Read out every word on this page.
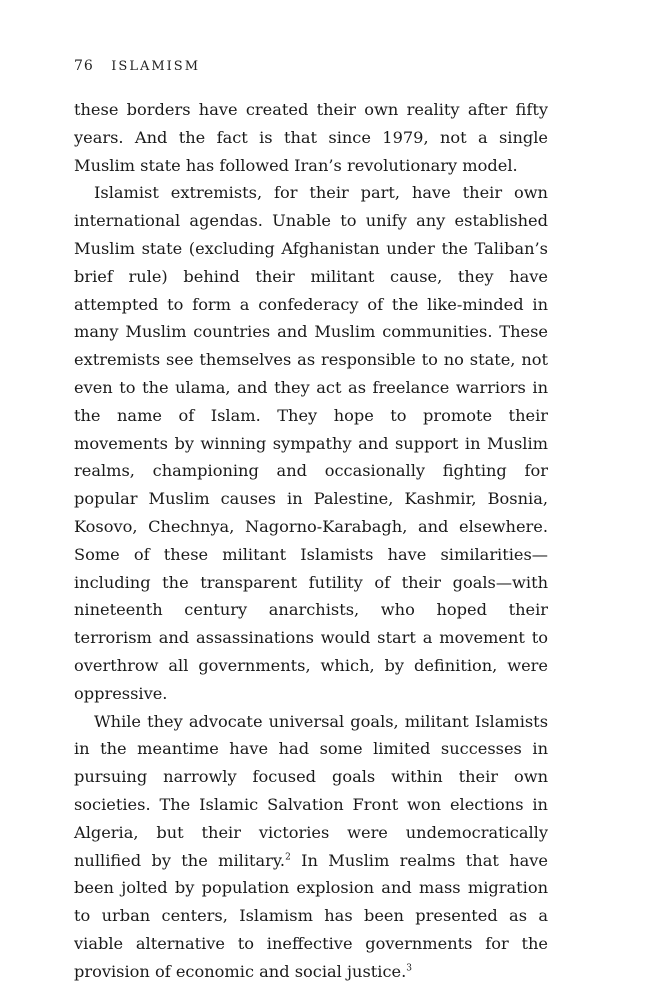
76 ISLAMISM

these borders have created their own reality after fifty years. And the fact is that since 1979, not a single Muslim state has followed Iran’s revolutionary model.

Islamist extremists, for their part, have their own international agendas. Unable to unify any established Muslim state (excluding Afghanistan under the Taliban’s brief rule) behind their militant cause, they have attempted to form a confederacy of the like-minded in many Muslim countries and Muslim communities. These extremists see themselves as responsible to no state, not even to the ulama, and they act as freelance warriors in the name of Islam. They hope to promote their movements by winning sympathy and support in Muslim realms, championing and occasionally fighting for popular Muslim causes in Palestine, Kashmir, Bosnia, Kosovo, Chechnya, Nagorno-Karabagh, and elsewhere. Some of these militant Islamists have similarities—including the transparent futility of their goals—with nineteenth century anarchists, who hoped their terrorism and assassinations would start a movement to overthrow all governments, which, by definition, were oppressive.

While they advocate universal goals, militant Islamists in the meantime have had some limited successes in pursuing narrowly focused goals within their own societies. The Islamic Salvation Front won elections in Algeria, but their victories were undemocratically nullified by the military.$^2$ In Muslim realms that have been jolted by population explosion and mass migration to urban centers, Islamism has been presented as a viable alternative to ineffective governments for the provision of economic and social justice.$^3$
